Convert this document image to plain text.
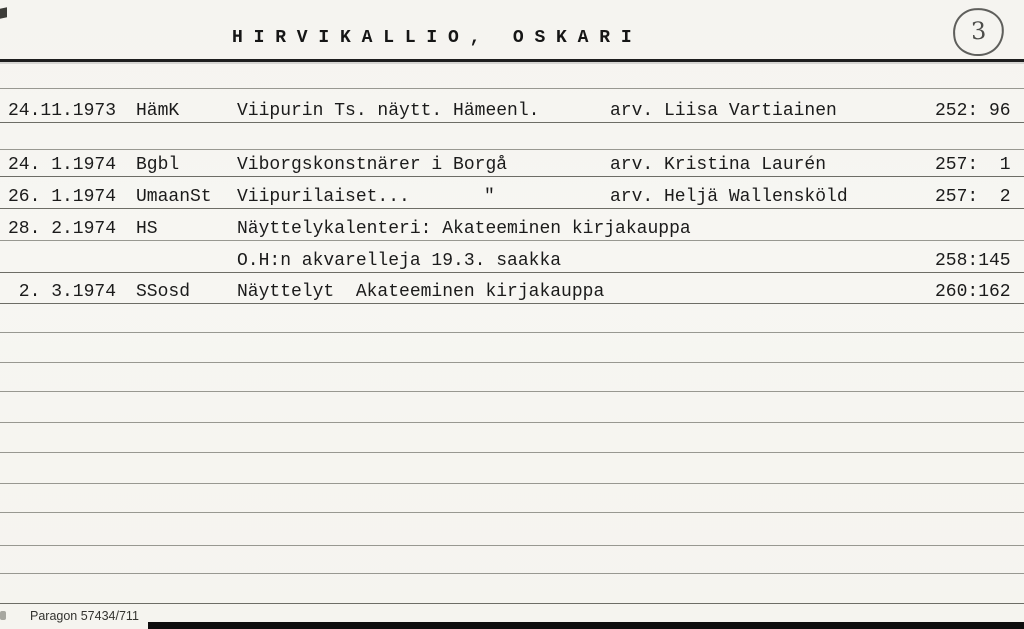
H I R V I K A L L I O ,   O S K A R I	3
24.11.1973 HämK	Viipurin Ts. näytt. Hämeenl.	arv. Liisa Vartiainen	252: 96
24. 1.1974 Bgbl	Viborgskonstnärer i Borgå	arv. Kristina Laurén	257:  1
26. 1.1974 UmaanSt Viipurilaiset...	"	arv. Heljä Wallensköld	257:  2
28. 2.1974 HS	Näyttelykalenteri: Akateeminen kirjakauppa
O.H:n akvarelleja 19.3. saakka	258:145
2. 3.1974 SSosd	Näyttelyt  Akateeminen kirjakauppa	260:162
Paragon 57434/711
